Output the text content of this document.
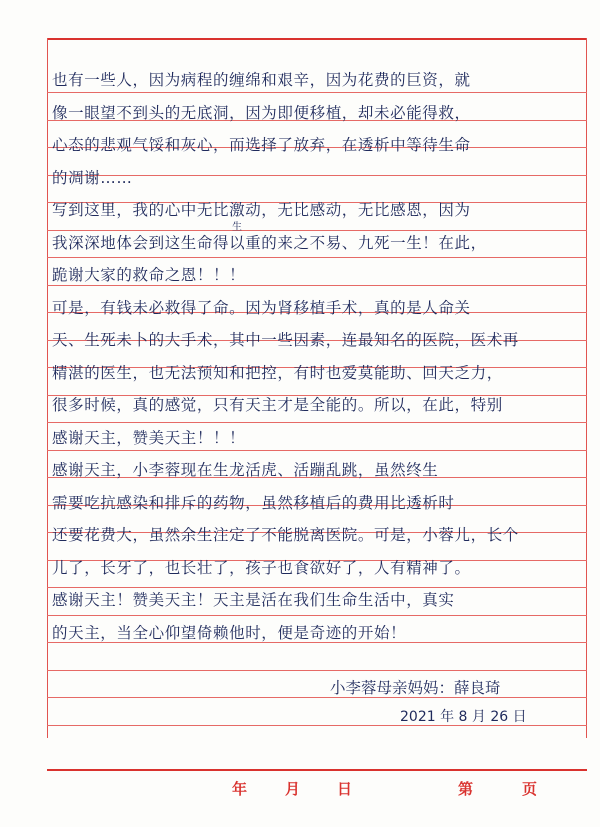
也有一些人，因为病程的缠绵和艰辛，因为花费的巨资，就
像一眼望不到头的无底洞，因为即便移植，却未必能得救，
心态的悲观气馁和灰心，而选择了放弃，在透析中等待生命
的凋谢……
写到这里，我的心中无比激动，无比感动，无比感恩，因为
我深深地体会到这生命得以重的来之不易、九死一生！在此，
跪谢大家的救命之恩！！！
可是，有钱未必救得了命。因为肾移植手术，真的是人命关
天、生死未卜的大手术，其中一些因素，连最知名的医院，医术再
精湛的医生，也无法预知和把控，有时也爱莫能助、回天乏力，
很多时候，真的感觉，只有天主才是全能的。所以，在此，特别
感谢天主，赞美天主！！！
感谢天主，小李蓉现在生龙活虎、活蹦乱跳，虽然终生
需要吃抗感染和排斥的药物，虽然移植后的费用比透析时
还要花费大，虽然余生注定了不能脱离医院。可是，小蓉儿，长个
儿了，长牙了，也长壮了，孩子也食欲好了，人有精神了。
感谢天主！赞美天主！天主是活在我们生命生活中，真实
的天主，当全心仰望倚赖他时，便是奇迹的开始！
生
小李蓉母亲妈妈：薛良琦
2021 年 8 月 26 日
年	月 日	第	页
